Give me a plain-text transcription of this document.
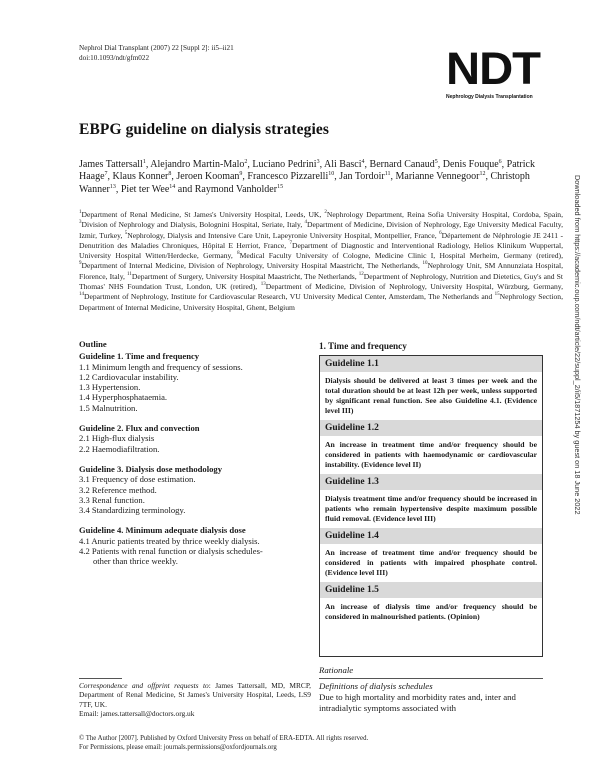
Nephrol Dial Transplant (2007) 22 [Suppl 2]: ii5–ii21
doi:10.1093/ndt/gfm022	NDT
Nephrology Dialysis Transplantation
EBPG guideline on dialysis strategies
James Tattersall$^1$, Alejandro Martin-Malo$^2$, Luciano Pedrini$^3$, Ali Basci$^4$, Bernard Canaud$^5$, Denis Fouque$^6$, Patrick Haage$^7$, Klaus Konner$^8$, Jeroen Kooman$^9$, Francesco Pizzarelli$^{10}$, Jan Tordoir$^{11}$, Marianne Vennegoor$^{12}$, Christoph Wanner$^{13}$, Piet ter Wee$^{14}$ and Raymond Vanholder$^{15}$
$^1$Department of Renal Medicine, St James's University Hospital, Leeds, UK, $^2$Nephrology Department, Reina Sofia University Hospital, Cordoba, Spain, $^3$Division of Nephrology and Dialysis, Bolognini Hospital, Seriate, Italy, $^4$Department of Medicine, Division of Nephrology, Ege University Medical Faculty, Izmir, Turkey, $^5$Nephrology, Dialysis and Intensive Care Unit, Lapeyronie University Hospital, Montpellier, France, $^6$Département de Néphrologie JE 2411 - Denutrition des Maladies Chroniques, Hôpital E Herriot, France, $^7$Department of Diagnostic and Interventional Radiology, Helios Klinikum Wuppertal, University Hospital Witten/Herdecke, Germany, $^8$Medical Faculty University of Cologne, Medicine Clinic I, Hospital Merheim, Germany (retired), $^9$Department of Internal Medicine, Division of Nephrology, University Hospital Maastricht, The Netherlands, $^{10}$Nephrology Unit, SM Annunziata Hospital, Florence, Italy, $^{11}$Department of Surgery, University Hospital Maastricht, The Netherlands, $^{12}$Department of Nephrology, Nutrition and Dietetics, Guy's and St Thomas' NHS Foundation Trust, London, UK (retired), $^{13}$Department of Medicine, Division of Nephrology, University Hospital, Würzburg, Germany, $^{14}$Department of Nephrology, Institute for Cardiovascular Research, VU University Medical Center, Amsterdam, The Netherlands and $^{15}$Nephrology Section, Department of Internal Medicine, University Hospital, Ghent, Belgium
Outline
Guideline 1. Time and frequency
1.1 Minimum length and frequency of sessions.
1.2 Cardiovacular instability.
1.3 Hypertension.
1.4 Hyperphosphataemia.
1.5 Malnutrition.
Guideline 2. Flux and convection
2.1 High-flux dialysis
2.2 Haemodiafiltration.
Guideline 3. Dialysis dose methodology
3.1 Frequency of dose estimation.
3.2 Reference method.
3.3 Renal function.
3.4 Standardizing terminology.
Guideline 4. Minimum adequate dialysis dose
4.1 Anuric patients treated by thrice weekly dialysis.
4.2 Patients with renal function or dialysis schedules-
other than thrice weekly.
1. Time and frequency
Guideline 1.1
Dialysis should be delivered at least 3 times per week and the total duration should be at least 12h per week, unless supported by significant renal function. See also Guideline 4.1. (Evidence level III)
Guideline 1.2
An increase in treatment time and/or frequency should be considered in patients with haemodynamic or cardiovascular instability. (Evidence level II)
Guideline 1.3
Dialysis treatment time and/or frequency should be increased in patients who remain hypertensive despite maximum possible fluid removal. (Evidence level III)
Guideline 1.4
An increase of treatment time and/or frequency should be considered in patients with impaired phosphate control. (Evidence level III)
Guideline 1.5
An increase of dialysis time and/or frequency should be considered in malnourished patients. (Opinion)
Rationale
Definitions of dialysis schedules
Due to high mortality and morbidity rates and, inter and intradialytic symptoms associated with
Correspondence and offprint requests to: James Tattersall, MD, MRCP, Department of Renal Medicine, St James's University Hospital, Leeds, LS9 7TF, UK.
Email: james.tattersall@doctors.org.uk
© The Author [2007]. Published by Oxford University Press on behalf of ERA-EDTA. All rights reserved.
For Permissions, please email: journals.permissions@oxfordjournals.org
Downloaded from https://academic.oup.com/ndt/article/22/suppl_2/ii5/1871254 by guest on 18 June 2022
